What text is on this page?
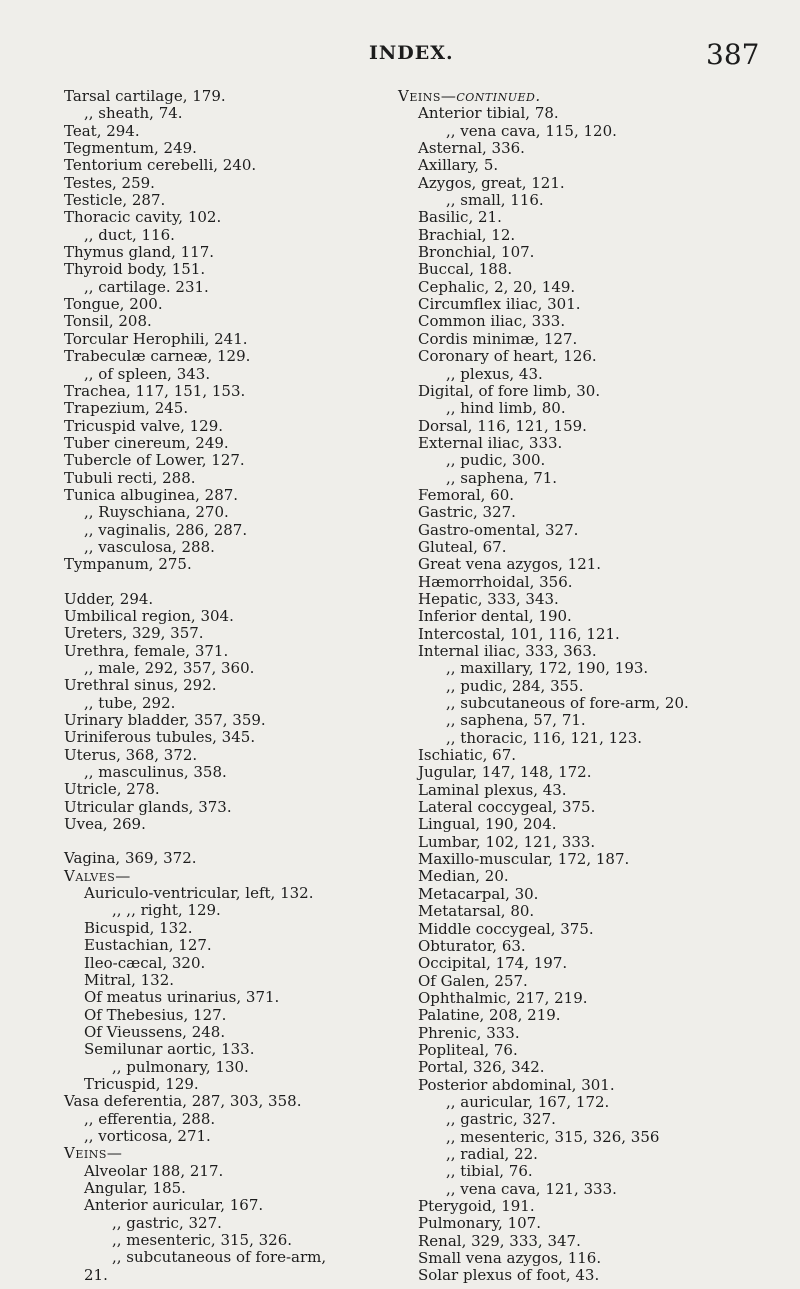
INDEX.	387
Tarsal cartilage, 179.
,, sheath, 74.
Teat, 294.
Tegmentum, 249.
Tentorium cerebelli, 240.
Testes, 259.
Testicle, 287.
Thoracic cavity, 102.
,, duct, 116.
Thymus gland, 117.
Thyroid body, 151.
,, cartilage. 231.
Tongue, 200.
Tonsil, 208.
Torcular Herophili, 241.
Trabeculæ carneæ, 129.
,, of spleen, 343.
Trachea, 117, 151, 153.
Trapezium, 245.
Tricuspid valve, 129.
Tuber cinereum, 249.
Tubercle of Lower, 127.
Tubuli recti, 288.
Tunica albuginea, 287.
,, Ruyschiana, 270.
,, vaginalis, 286, 287.
,, vasculosa, 288.
Tympanum, 275.
Udder, 294.
Umbilical region, 304.
Ureters, 329, 357.
Urethra, female, 371.
,, male, 292, 357, 360.
Urethral sinus, 292.
,, tube, 292.
Urinary bladder, 357, 359.
Uriniferous tubules, 345.
Uterus, 368, 372.
,, masculinus, 358.
Utricle, 278.
Utricular glands, 373.
Uvea, 269.
Vagina, 369, 372.
Valves—
Auriculo-ventricular, left, 132.
,, ,, right, 129.
Bicuspid, 132.
Eustachian, 127.
Ileo-cæcal, 320.
Mitral, 132.
Of meatus urinarius, 371.
Of Thebesius, 127.
Of Vieussens, 248.
Semilunar aortic, 133.
,, pulmonary, 130.
Tricuspid, 129.
Vasa deferentia, 287, 303, 358.
,, efferentia, 288.
,, vorticosa, 271.
Veins—
Alveolar 188, 217.
Angular, 185.
Anterior auricular, 167.
,, gastric, 327.
,, mesenteric, 315, 326.
,, subcutaneous of fore-arm,
21.
Veins—continued.
Anterior tibial, 78.
,, vena cava, 115, 120.
Asternal, 336.
Axillary, 5.
Azygos, great, 121.
,, small, 116.
Basilic, 21.
Brachial, 12.
Bronchial, 107.
Buccal, 188.
Cephalic, 2, 20, 149.
Circumflex iliac, 301.
Common iliac, 333.
Cordis minimæ, 127.
Coronary of heart, 126.
,, plexus, 43.
Digital, of fore limb, 30.
,, hind limb, 80.
Dorsal, 116, 121, 159.
External iliac, 333.
,, pudic, 300.
,, saphena, 71.
Femoral, 60.
Gastric, 327.
Gastro-omental, 327.
Gluteal, 67.
Great vena azygos, 121.
Hæmorrhoidal, 356.
Hepatic, 333, 343.
Inferior dental, 190.
Intercostal, 101, 116, 121.
Internal iliac, 333, 363.
,, maxillary, 172, 190, 193.
,, pudic, 284, 355.
,, subcutaneous of fore-arm, 20.
,, saphena, 57, 71.
,, thoracic, 116, 121, 123.
Ischiatic, 67.
Jugular, 147, 148, 172.
Laminal plexus, 43.
Lateral coccygeal, 375.
Lingual, 190, 204.
Lumbar, 102, 121, 333.
Maxillo-muscular, 172, 187.
Median, 20.
Metacarpal, 30.
Metatarsal, 80.
Middle coccygeal, 375.
Obturator, 63.
Occipital, 174, 197.
Of Galen, 257.
Ophthalmic, 217, 219.
Palatine, 208, 219.
Phrenic, 333.
Popliteal, 76.
Portal, 326, 342.
Posterior abdominal, 301.
,, auricular, 167, 172.
,, gastric, 327.
,, mesenteric, 315, 326, 356
,, radial, 22.
,, tibial, 76.
,, vena cava, 121, 333.
Pterygoid, 191.
Pulmonary, 107.
Renal, 329, 333, 347.
Small vena azygos, 116.
Solar plexus of foot, 43.
